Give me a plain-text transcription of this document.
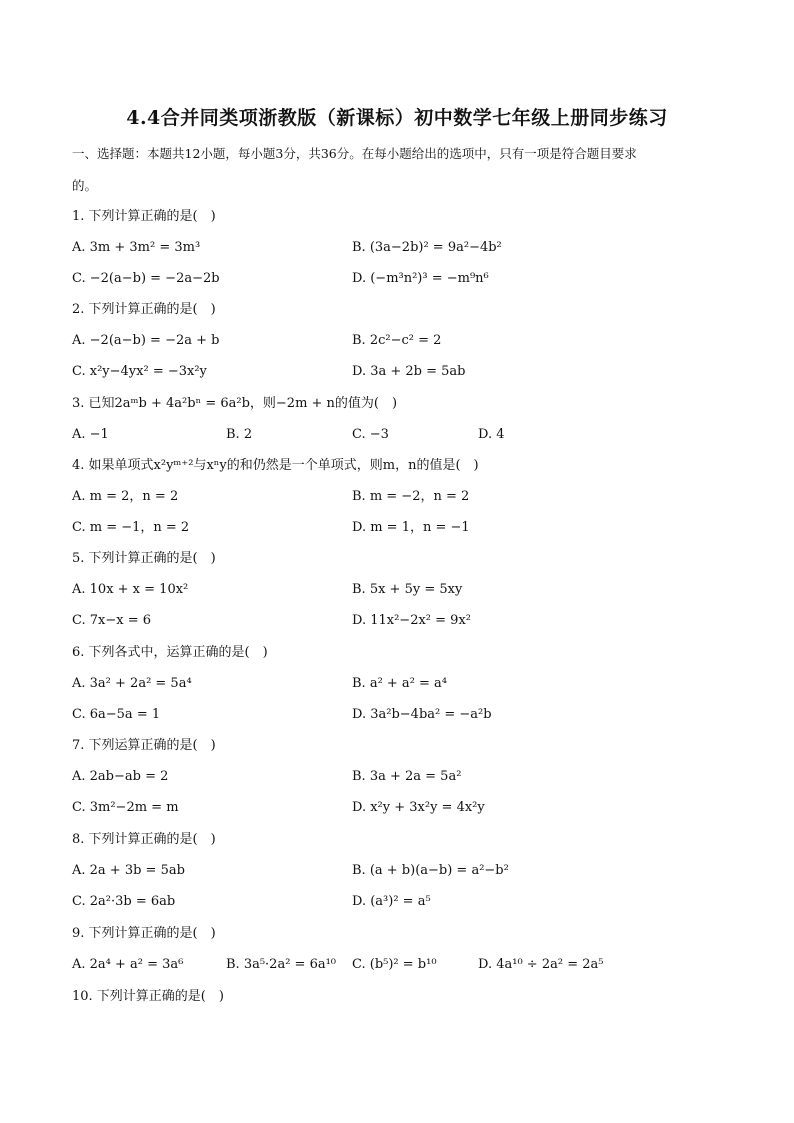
4.4合并同类项浙教版（新课标）初中数学七年级上册同步练习
一、选择题：本题共12小题，每小题3分，共36分。在每小题给出的选项中，只有一项是符合题目要求
的。
1. 下列计算正确的是(　)
A. 3m + 3m² = 3m³	B. (3a−2b)² = 9a²−4b²
C. −2(a−b) = −2a−2b	D. (−m³n²)³ = −m⁹n⁶
2. 下列计算正确的是(　)
A. −2(a−b) = −2a + b	B. 2c²−c² = 2
C. x²y−4yx² = −3x²y	D. 3a + 2b = 5ab
3. 已知2aᵐb + 4a²bⁿ = 6a²b，则−2m + n的值为(　)
A. −1	B. 2	C. −3	D. 4
4. 如果单项式x²yᵐ⁺²与xⁿy的和仍然是一个单项式，则m，n的值是(　)
A. m = 2，n = 2	B. m = −2，n = 2
C. m = −1，n = 2	D. m = 1，n = −1
5. 下列计算正确的是(　)
A. 10x + x = 10x²	B. 5x + 5y = 5xy
C. 7x−x = 6	D. 11x²−2x² = 9x²
6. 下列各式中，运算正确的是(　)
A. 3a² + 2a² = 5a⁴	B. a² + a² = a⁴
C. 6a−5a = 1	D. 3a²b−4ba² = −a²b
7. 下列运算正确的是(　)
A. 2ab−ab = 2	B. 3a + 2a = 5a²
C. 3m²−2m = m	D. x²y + 3x²y = 4x²y
8. 下列计算正确的是(　)
A. 2a + 3b = 5ab	B. (a + b)(a−b) = a²−b²
C. 2a²·3b = 6ab	D. (a³)² = a⁵
9. 下列计算正确的是(　)
A. 2a⁴ + a² = 3a⁶	B. 3a⁵·2a² = 6a¹⁰ C. (b⁵)² = b¹⁰	D. 4a¹⁰ ÷ 2a² = 2a⁵
10. 下列计算正确的是(　)
